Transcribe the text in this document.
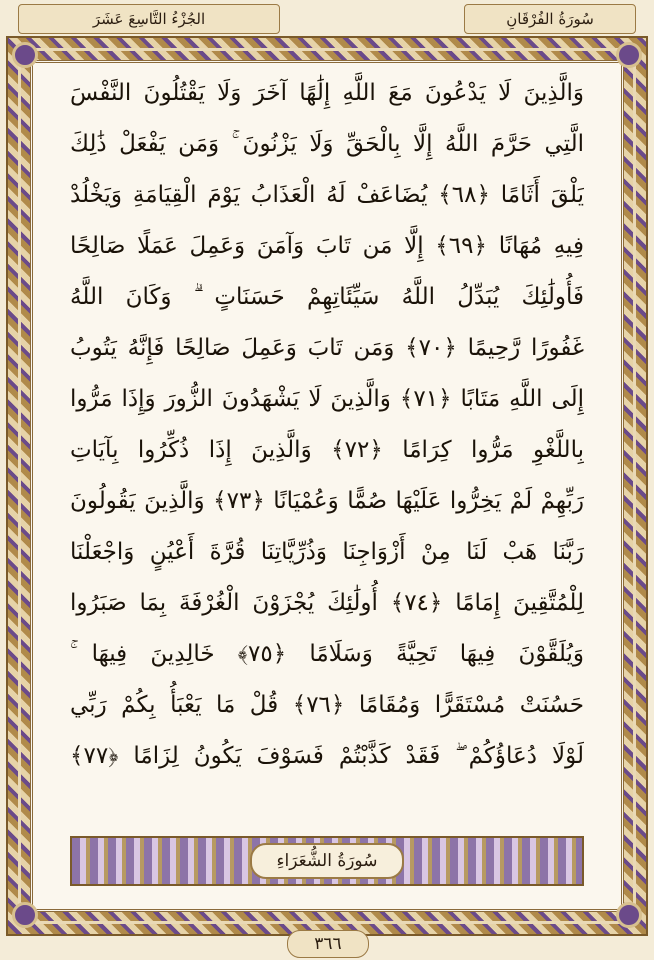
الجُزْءُ التَّاسِعَ عَشَرَ	سُورَةُ الفُرْقَانِ
وَالَّذِينَ لَا يَدْعُونَ مَعَ اللَّهِ إِلَٰهًا آخَرَ وَلَا يَقْتُلُونَ النَّفْسَ
الَّتِي حَرَّمَ اللَّهُ إِلَّا بِالْحَقِّ وَلَا يَزْنُونَ ۚ وَمَن يَفْعَلْ ذَٰلِكَ
يَلْقَ أَثَامًا ﴿٦٨﴾ يُضَاعَفْ لَهُ الْعَذَابُ يَوْمَ الْقِيَامَةِ وَيَخْلُدْ
فِيهِ مُهَانًا ﴿٦٩﴾ إِلَّا مَن تَابَ وَآمَنَ وَعَمِلَ عَمَلًا صَالِحًا
فَأُولَٰئِكَ يُبَدِّلُ اللَّهُ سَيِّئَاتِهِمْ حَسَنَاتٍ ۗ وَكَانَ اللَّهُ
غَفُورًا رَّحِيمًا ﴿٧٠﴾ وَمَن تَابَ وَعَمِلَ صَالِحًا فَإِنَّهُ يَتُوبُ
إِلَى اللَّهِ مَتَابًا ﴿٧١﴾ وَالَّذِينَ لَا يَشْهَدُونَ الزُّورَ وَإِذَا مَرُّوا
بِاللَّغْوِ مَرُّوا كِرَامًا ﴿٧٢﴾ وَالَّذِينَ إِذَا ذُكِّرُوا بِآيَاتِ
رَبِّهِمْ لَمْ يَخِرُّوا عَلَيْهَا صُمًّا وَعُمْيَانًا ﴿٧٣﴾ وَالَّذِينَ يَقُولُونَ
رَبَّنَا هَبْ لَنَا مِنْ أَزْوَاجِنَا وَذُرِّيَّاتِنَا قُرَّةَ أَعْيُنٍ وَاجْعَلْنَا
لِلْمُتَّقِينَ إِمَامًا ﴿٧٤﴾ أُولَٰئِكَ يُجْزَوْنَ الْغُرْفَةَ بِمَا صَبَرُوا
وَيُلَقَّوْنَ فِيهَا تَحِيَّةً وَسَلَامًا ﴿٧٥﴾ خَالِدِينَ فِيهَا ۚ
حَسُنَتْ مُسْتَقَرًّا وَمُقَامًا ﴿٧٦﴾ قُلْ مَا يَعْبَأُ بِكُمْ رَبِّي
لَوْلَا دُعَاؤُكُمْ ۖ فَقَدْ كَذَّبْتُمْ فَسَوْفَ يَكُونُ لِزَامًا ﴿٧٧﴾
سُورَةُ الشُّعَرَاءِ
٣٦٦
